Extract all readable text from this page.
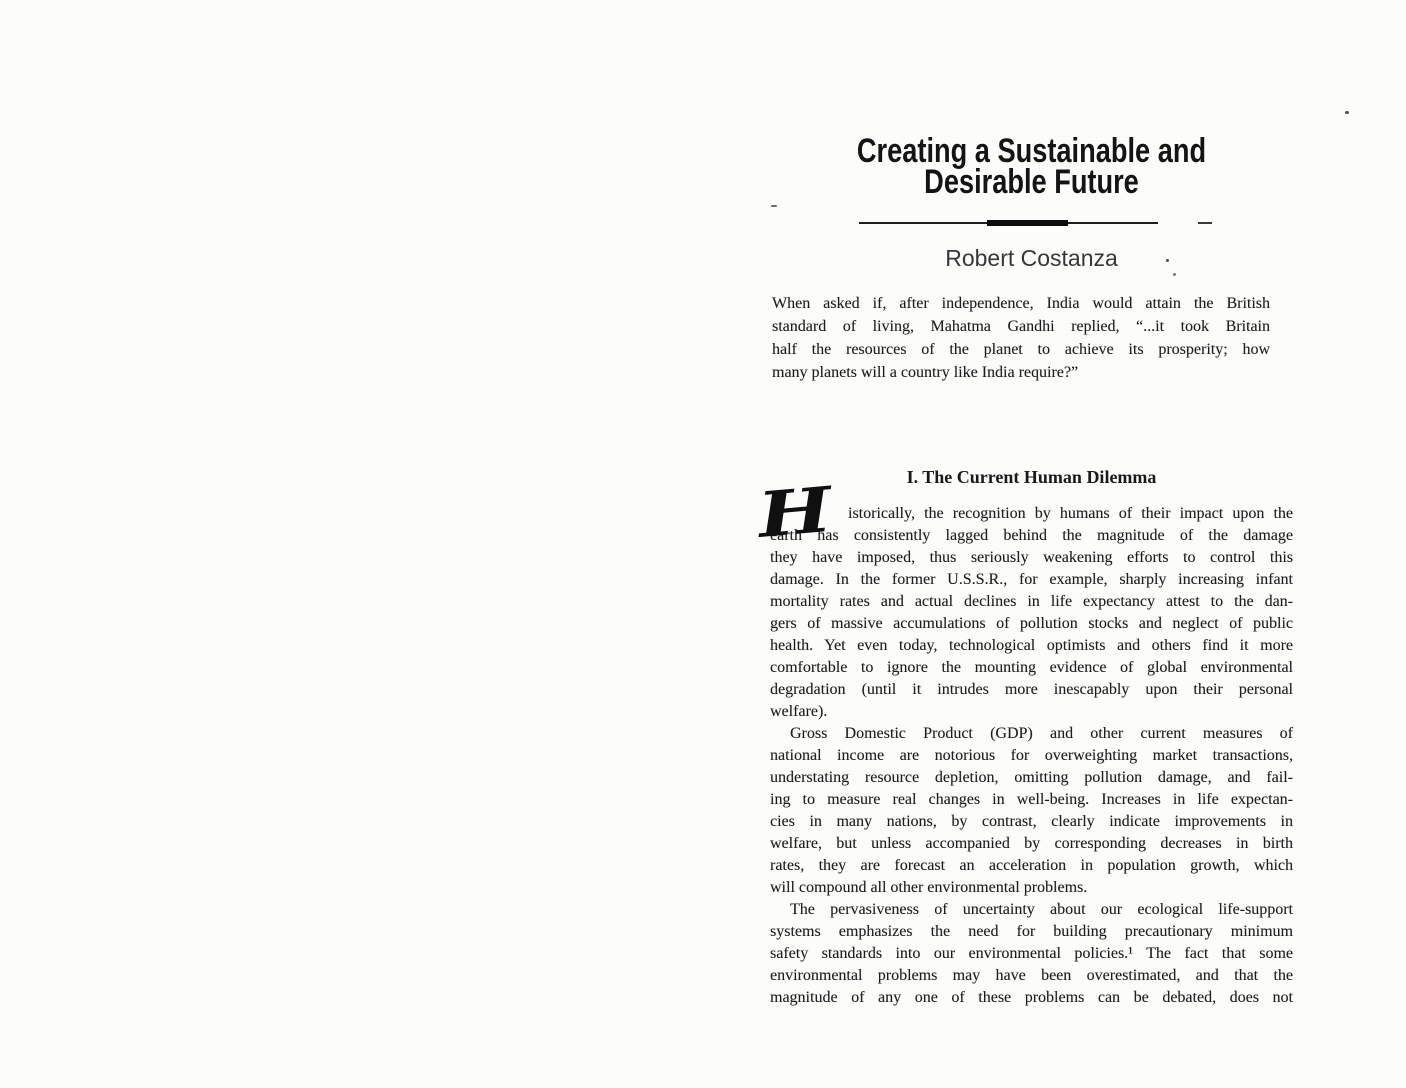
Creating a Sustainable and
Desirable Future
Robert Costanza
When asked if, after independence, India would attain the British
standard of living, Mahatma Gandhi replied, “...it took Britain
half the resources of the planet to achieve its prosperity; how
many planets will a country like India require?”
I. The Current Human Dilemma
H istorically, the recognition by humans of their impact upon the
earth has consistently lagged behind the magnitude of the damage
they have imposed, thus seriously weakening efforts to control this
damage. In the former U.S.S.R., for example, sharply increasing infant
mortality rates and actual declines in life expectancy attest to the dan-
gers of massive accumulations of pollution stocks and neglect of public
health. Yet even today, technological optimists and others find it more
comfortable to ignore the mounting evidence of global environmental
degradation (until it intrudes more inescapably upon their personal
welfare).
Gross Domestic Product (GDP) and other current measures of
national income are notorious for overweighting market transactions,
understating resource depletion, omitting pollution damage, and fail-
ing to measure real changes in well-being. Increases in life expectan-
cies in many nations, by contrast, clearly indicate improvements in
welfare, but unless accompanied by corresponding decreases in birth
rates, they are forecast an acceleration in population growth, which
will compound all other environmental problems.
The pervasiveness of uncertainty about our ecological life-support
systems emphasizes the need for building precautionary minimum
safety standards into our environmental policies.¹ The fact that some
environmental problems may have been overestimated, and that the
magnitude of any one of these problems can be debated, does not
